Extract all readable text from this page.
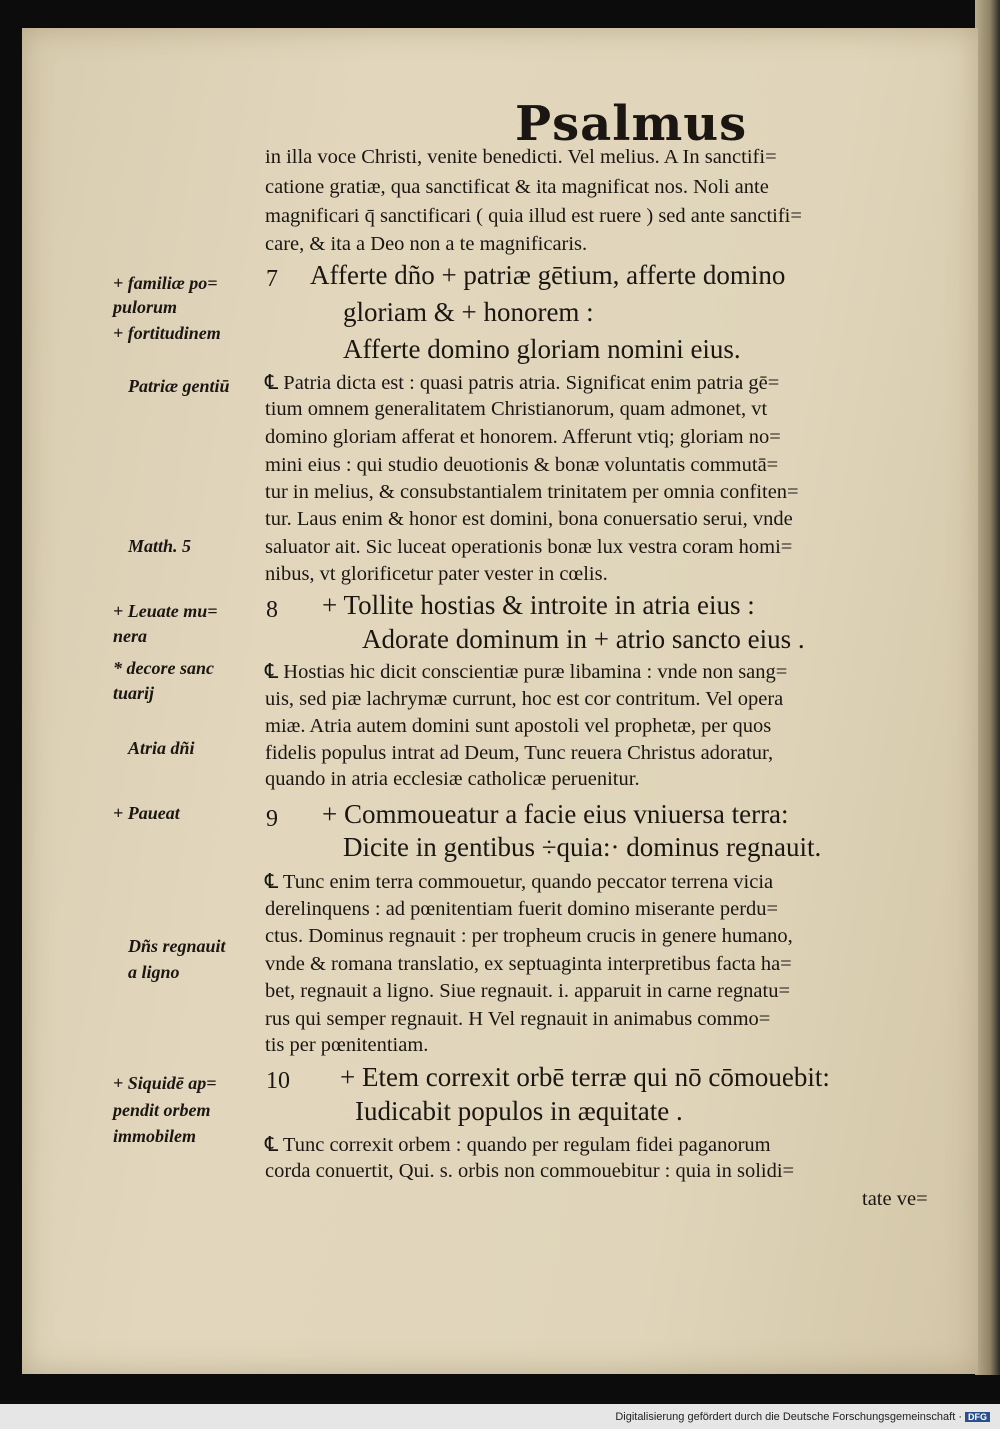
Psalmus
in illa voce Christi, venite benedicti. Vel melius. A In sanctifi=
catione gratiæ, qua sanctificat & ita magnificat nos. Noli ante
magnificari q̄ sanctificari ( quia illud est ruere ) sed ante sanctifi=
care, & ita a Deo non a te magnificaris.
7 Afferte dño + patriæ gētium, afferte domino
gloriam & + honorem :
Afferte domino gloriam nomini eius.
℄ Patria dicta est : quasi patris atria. Significat enim patria gē=
tium omnem generalitatem Christianorum, quam admonet, vt
domino gloriam afferat et honorem. Afferunt vtiq; gloriam no=
mini eius : qui studio deuotionis & bonæ voluntatis commutā=
tur in melius, & consubstantialem trinitatem per omnia confiten=
tur. Laus enim & honor est domini, bona conuersatio serui, vnde
saluator ait. Sic luceat operationis bonæ lux vestra coram homi=
nibus, vt glorificetur pater vester in cœlis.
8 + Tollite hostias & introite in atria eius :
Adorate dominum in + atrio sancto eius .
℄ Hostias hic dicit conscientiæ puræ libamina : vnde non sang=
uis, sed piæ lachrymæ currunt, hoc est cor contritum. Vel opera
miæ. Atria autem domini sunt apostoli vel prophetæ, per quos
fidelis populus intrat ad Deum, Tunc reuera Christus adoratur,
quando in atria ecclesiæ catholicæ peruenitur.
9 + Commoueatur a facie eius vniuersa terra:
Dicite in gentibus ÷quia:· dominus regnauit.
℄ Tunc enim terra commouetur, quando peccator terrena vicia
derelinquens : ad pœnitentiam fuerit domino miserante perdu=
ctus. Dominus regnauit : per tropheum crucis in genere humano,
vnde & romana translatio, ex septuaginta interpretibus facta ha=
bet, regnauit a ligno. Siue regnauit. i. apparuit in carne regnatu=
rus qui semper regnauit. H Vel regnauit in animabus commo=
tis per pœnitentiam.
10 + Etem correxit orbē terræ qui nō cōmouebit:
Iudicabit populos in æquitate .
℄ Tunc correxit orbem : quando per regulam fidei paganorum
corda conuertit, Qui. s. orbis non commouebitur : quia in solidi=
tate ve=
+ familiæ po=
pulorum
+ fortitudinem
Patriæ gentiū
Matth. 5
+ Leuate mu=
nera
* decore sanc
tuarij
Atria dñi
+ Paueat
Dñs regnauit
a ligno
+ Siquidē ap=
pendit orbem
immobilem
Digitalisierung gefördert durch die Deutsche Forschungsgemeinschaft · DFG
